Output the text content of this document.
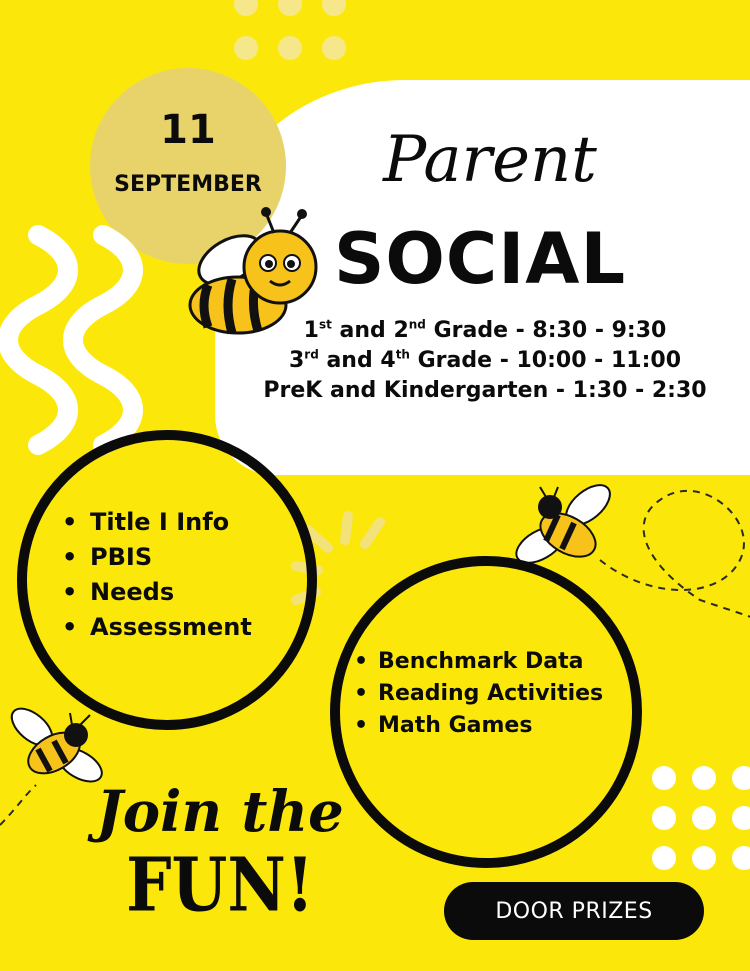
11
SEPTEMBER	Parent
SOCIAL
1st and 2nd Grade - 8:30 - 9:30
3rd and 4th Grade - 10:00 - 11:00
PreK and Kindergarten - 1:30 - 2:30
• Title I Info
• PBIS
• Needs
• Assessment
• Benchmark Data
• Reading Activities
• Math Games
Join the
FUN!	DOOR PRIZES
